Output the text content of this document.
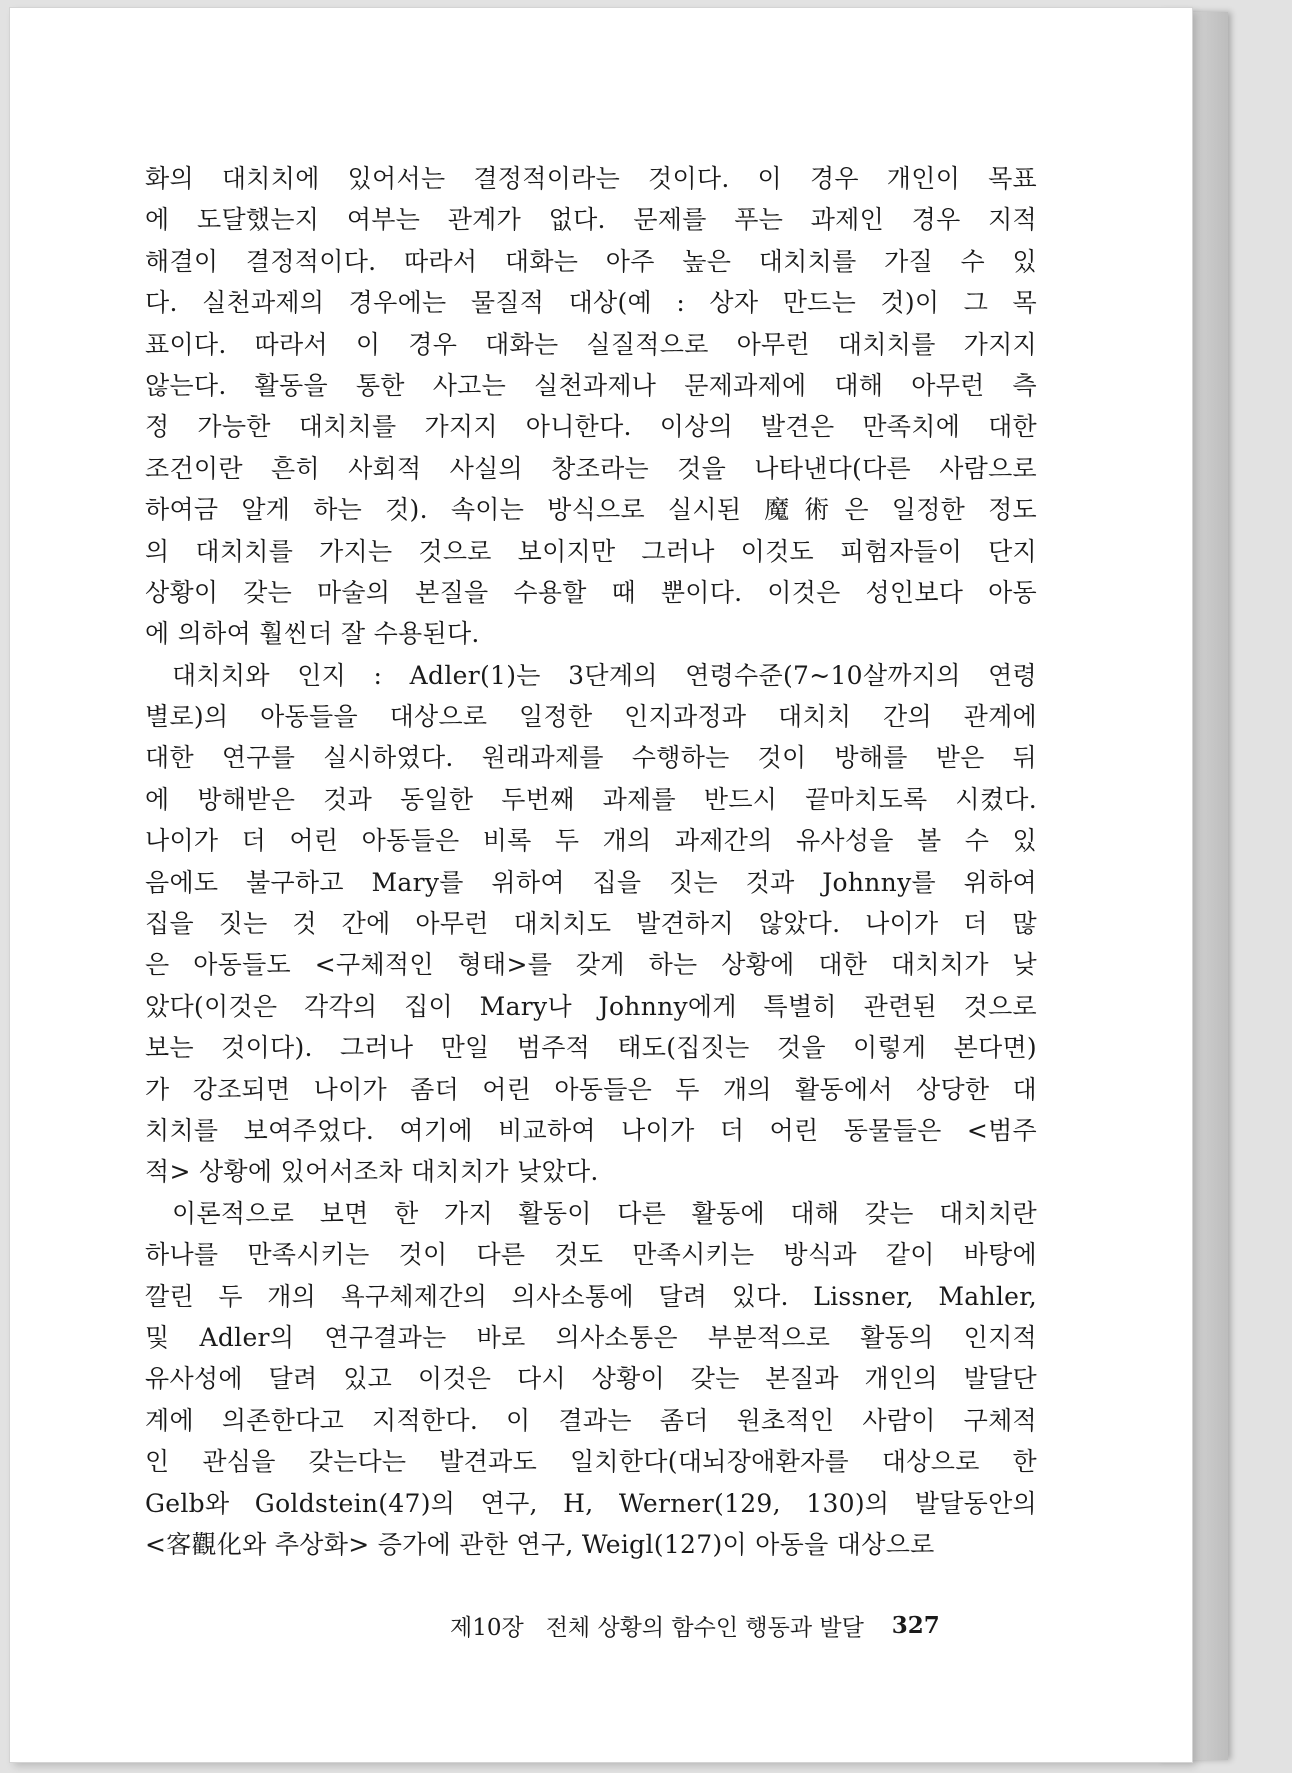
화의 대치치에 있어서는 결정적이라는 것이다. 이 경우 개인이 목표
에 도달했는지 여부는 관계가 없다. 문제를 푸는 과제인 경우 지적
해결이 결정적이다. 따라서 대화는 아주 높은 대치치를 가질 수 있
다. 실천과제의 경우에는 물질적 대상(예 : 상자 만드는 것)이 그 목
표이다. 따라서 이 경우 대화는 실질적으로 아무런 대치치를 가지지
않는다. 활동을 통한 사고는 실천과제나 문제과제에 대해 아무런 측
정 가능한 대치치를 가지지 아니한다. 이상의 발견은 만족치에 대한
조건이란 흔히 사회적 사실의 창조라는 것을 나타낸다(다른 사람으로
하여금 알게 하는 것). 속이는 방식으로 실시된 魔術은 일정한 정도
의 대치치를 가지는 것으로 보이지만 그러나 이것도 피험자들이 단지
상황이 갖는 마술의 본질을 수용할 때 뿐이다. 이것은 성인보다 아동
에 의하여 훨씬더 잘 수용된다.
대치치와 인지 : Adler(1)는 3단계의 연령수준(7~10살까지의 연령
별로)의 아동들을 대상으로 일정한 인지과정과 대치치 간의 관계에
대한 연구를 실시하였다. 원래과제를 수행하는 것이 방해를 받은 뒤
에 방해받은 것과 동일한 두번째 과제를 반드시 끝마치도록 시켰다.
나이가 더 어린 아동들은 비록 두 개의 과제간의 유사성을 볼 수 있
음에도 불구하고 Mary를 위하여 집을 짓는 것과 Johnny를 위하여
집을 짓는 것 간에 아무런 대치치도 발견하지 않았다. 나이가 더 많
은 아동들도 <구체적인 형태>를 갖게 하는 상황에 대한 대치치가 낮
았다(이것은 각각의 집이 Mary나 Johnny에게 특별히 관련된 것으로
보는 것이다). 그러나 만일 범주적 태도(집짓는 것을 이렇게 본다면)
가 강조되면 나이가 좀더 어린 아동들은 두 개의 활동에서 상당한 대
치치를 보여주었다. 여기에 비교하여 나이가 더 어린 동물들은 <범주
적> 상황에 있어서조차 대치치가 낮았다.
이론적으로 보면 한 가지 활동이 다른 활동에 대해 갖는 대치치란
하나를 만족시키는 것이 다른 것도 만족시키는 방식과 같이 바탕에
깔린 두 개의 욕구체제간의 의사소통에 달려 있다. Lissner, Mahler,
및 Adler의 연구결과는 바로 의사소통은 부분적으로 활동의 인지적
유사성에 달려 있고 이것은 다시 상황이 갖는 본질과 개인의 발달단
계에 의존한다고 지적한다. 이 결과는 좀더 원초적인 사람이 구체적
인 관심을 갖는다는 발견과도 일치한다(대뇌장애환자를 대상으로 한
Gelb와 Goldstein(47)의 연구, H, Werner(129, 130)의 발달동안의
<客觀化와 추상화> 증가에 관한 연구, Weigl(127)이 아동을 대상으로
제10장 전체 상황의 함수인 행동과 발달 327
